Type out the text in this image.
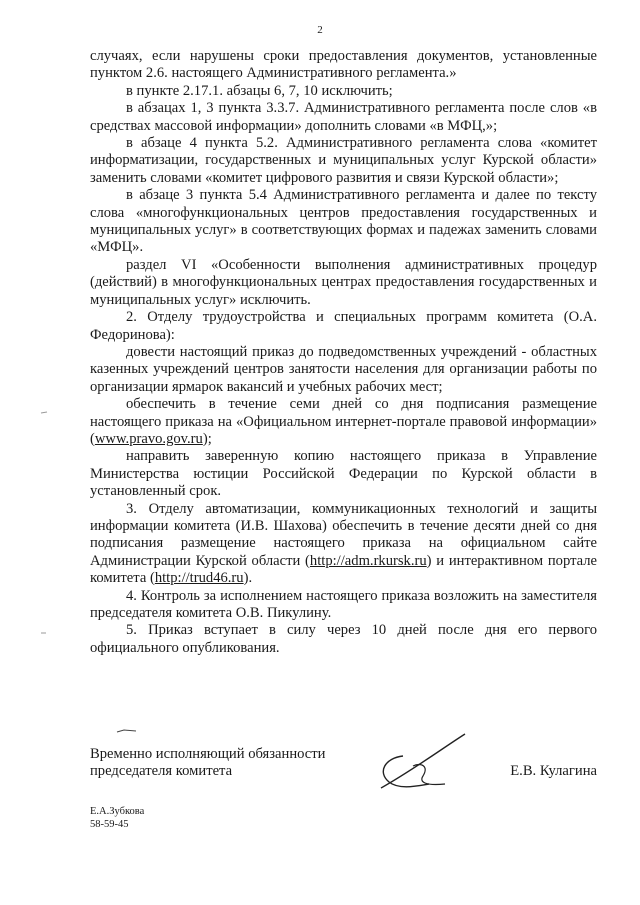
2

случаях, если нарушены сроки предоставления документов, установленные пунктом 2.6. настоящего Административного регламента.»

в пункте 2.17.1. абзацы 6, 7, 10 исключить;

в абзацах 1, 3 пункта 3.3.7. Административного регламента после слов «в средствах массовой информации» дополнить словами «в МФЦ,»;

в абзаце 4 пункта 5.2. Административного регламента слова «комитет информатизации, государственных и муниципальных услуг Курской области» заменить словами «комитет цифрового развития и связи Курской области»;

в абзаце 3 пункта 5.4 Административного регламента и далее по тексту слова «многофункциональных центров предоставления государственных и муниципальных услуг» в соответствующих формах и падежах заменить словами «МФЦ».

раздел VI «Особенности выполнения административных процедур (действий) в многофункциональных центрах предоставления государственных и муниципальных услуг» исключить.

2. Отделу трудоустройства и специальных программ комитета (О.А. Федоринова):

довести настоящий приказ до подведомственных учреждений - областных казенных учреждений центров занятости населения для организации работы по организации ярмарок вакансий и учебных рабочих мест;

обеспечить в течение семи дней со дня подписания размещение настоящего приказа на «Официальном интернет-портале правовой информации» (www.pravo.gov.ru);

направить заверенную копию настоящего приказа в Управление Министерства юстиции Российской Федерации по Курской области в установленный срок.

3. Отделу автоматизации, коммуникационных технологий и защиты информации комитета (И.В. Шахова) обеспечить в течение десяти дней со дня подписания размещение настоящего приказа на официальном сайте Администрации Курской области (http://adm.rkursk.ru) и интерактивном портале комитета (http://trud46.ru).

4. Контроль за исполнением настоящего приказа возложить на заместителя председателя комитета О.В. Пикулину.

5. Приказ вступает в силу через 10 дней после дня его первого официального опубликования.

Временно исполняющий обязанности
председателя комитета	Е.В. Кулагина
Е.А.Зубкова
58-59-45
